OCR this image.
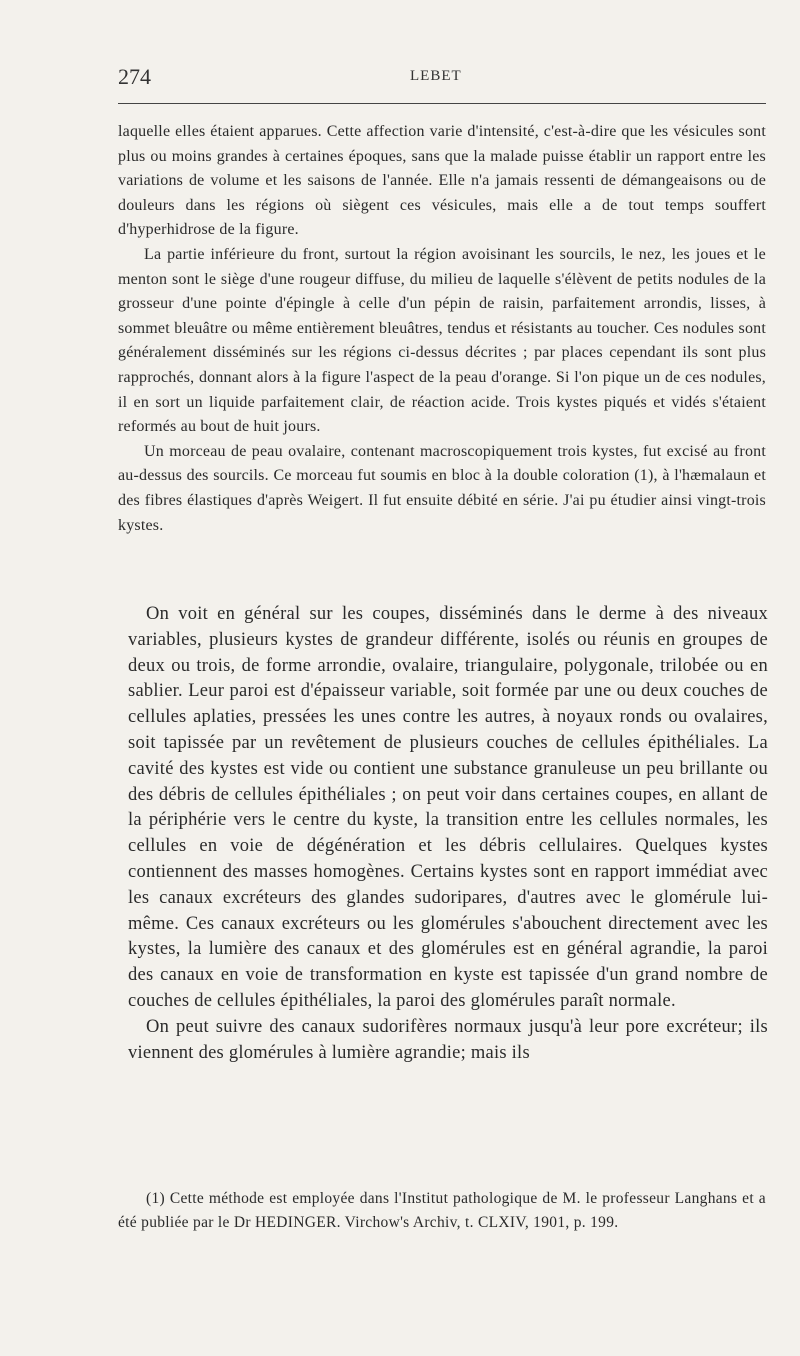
274	LEBET

laquelle elles étaient apparues. Cette affection varie d'intensité, c'est-à-dire que les vésicules sont plus ou moins grandes à certaines époques, sans que la malade puisse établir un rapport entre les variations de volume et les saisons de l'année. Elle n'a jamais ressenti de démangeaisons ou de douleurs dans les régions où siègent ces vésicules, mais elle a de tout temps souffert d'hyperhidrose de la figure.

La partie inférieure du front, surtout la région avoisinant les sourcils, le nez, les joues et le menton sont le siège d'une rougeur diffuse, du milieu de laquelle s'élèvent de petits nodules de la grosseur d'une pointe d'épingle à celle d'un pépin de raisin, parfaitement arrondis, lisses, à sommet bleuâtre ou même entièrement bleuâtres, tendus et résistants au toucher. Ces nodules sont généralement disséminés sur les régions ci-dessus décrites ; par places cependant ils sont plus rapprochés, donnant alors à la figure l'aspect de la peau d'orange. Si l'on pique un de ces nodules, il en sort un liquide parfaitement clair, de réaction acide. Trois kystes piqués et vidés s'étaient reformés au bout de huit jours.

Un morceau de peau ovalaire, contenant macroscopiquement trois kystes, fut excisé au front au-dessus des sourcils. Ce morceau fut soumis en bloc à la double coloration (1), à l'hæmalaun et des fibres élastiques d'après Weigert. Il fut ensuite débité en série. J'ai pu étudier ainsi vingt-trois kystes.

On voit en général sur les coupes, disséminés dans le derme à des niveaux variables, plusieurs kystes de grandeur différente, isolés ou réunis en groupes de deux ou trois, de forme arrondie, ovalaire, triangulaire, polygonale, trilobée ou en sablier. Leur paroi est d'épaisseur variable, soit formée par une ou deux couches de cellules aplaties, pressées les unes contre les autres, à noyaux ronds ou ovalaires, soit tapissée par un revêtement de plusieurs couches de cellules épithéliales. La cavité des kystes est vide ou contient une substance granuleuse un peu brillante ou des débris de cellules épithéliales ; on peut voir dans certaines coupes, en allant de la périphérie vers le centre du kyste, la transition entre les cellules normales, les cellules en voie de dégénération et les débris cellulaires. Quelques kystes contiennent des masses homogènes. Certains kystes sont en rapport immédiat avec les canaux excréteurs des glandes sudoripares, d'autres avec le glomérule lui-même. Ces canaux excréteurs ou les glomérules s'abouchent directement avec les kystes, la lumière des canaux et des glomérules est en général agrandie, la paroi des canaux en voie de transformation en kyste est tapissée d'un grand nombre de couches de cellules épithéliales, la paroi des glomérules paraît normale.

On peut suivre des canaux sudorifères normaux jusqu'à leur pore excréteur; ils viennent des glomérules à lumière agrandie; mais ils

(1) Cette méthode est employée dans l'Institut pathologique de M. le professeur Langhans et a été publiée par le Dr HEDINGER. Virchow's Archiv, t. CLXIV, 1901, p. 199.
